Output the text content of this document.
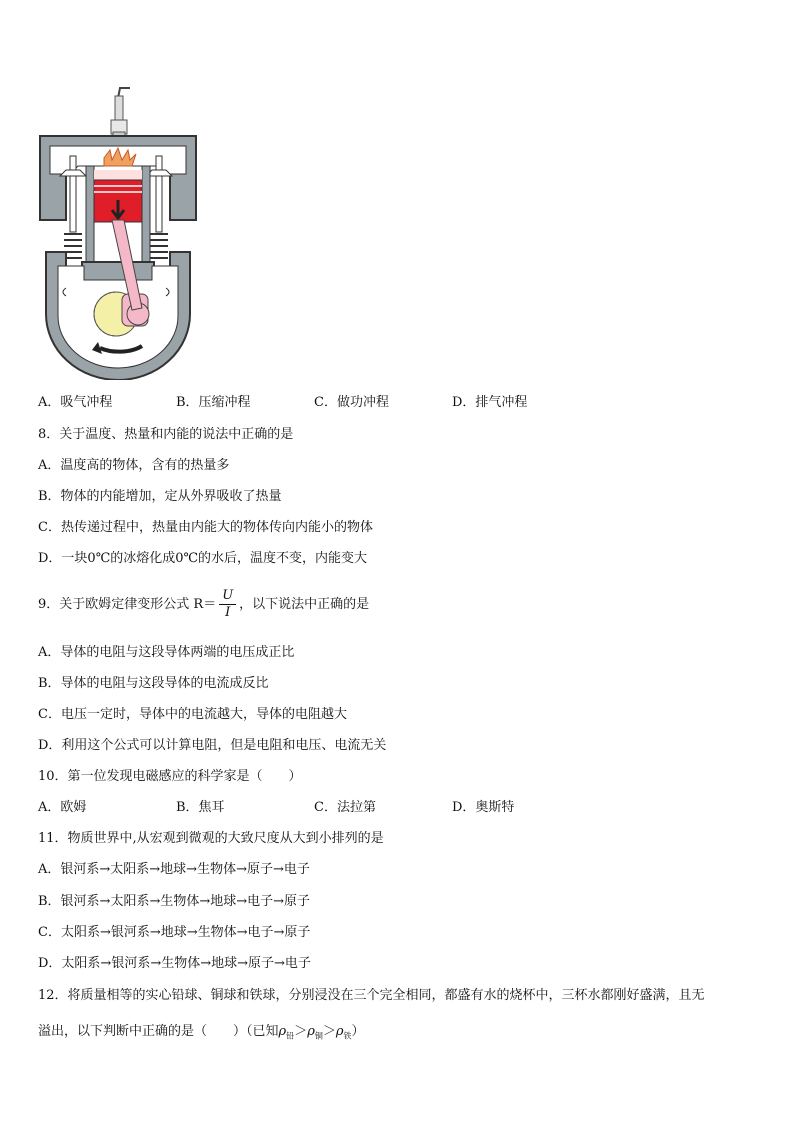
A．吸气冲程	B．压缩冲程	C．做功冲程	D．排气冲程
8．关于温度、热量和内能的说法中正确的是
A．温度高的物体，含有的热量多
B．物体的内能增加，定从外界吸收了热量
C．热传递过程中，热量由内能大的物体传向内能小的物体
D．一块0℃的冰熔化成0℃的水后，温度不变，内能变大
9．关于欧姆定律变形公式 $R= \frac{U}{I}$ ，以下说法中正确的是
A．导体的电阻与这段导体两端的电压成正比
B．导体的电阻与这段导体的电流成反比
C．电压一定时，导体中的电流越大，导体的电阻越大
D．利用这个公式可以计算电阻，但是电阻和电压、电流无关
10．第一位发现电磁感应的科学家是（　　）
A．欧姆	B．焦耳	C．法拉第	D．奥斯特
11．物质世界中,从宏观到微观的大致尺度从大到小排列的是
A．银河系→太阳系→地球→生物体→原子→电子
B．银河系→太阳系→生物体→地球→电子→原子
C．太阳系→银河系→地球→生物体→电子→原子
D．太阳系→银河系→生物体→地球→原子→电子
12．将质量相等的实心铅球、铜球和铁球，分别浸没在三个完全相同，都盛有水的烧杯中，三杯水都刚好盛满，且无
溢出，以下判断中正确的是（　　）（已知$\rho_铅>\rho_铜>\rho_铁$）
